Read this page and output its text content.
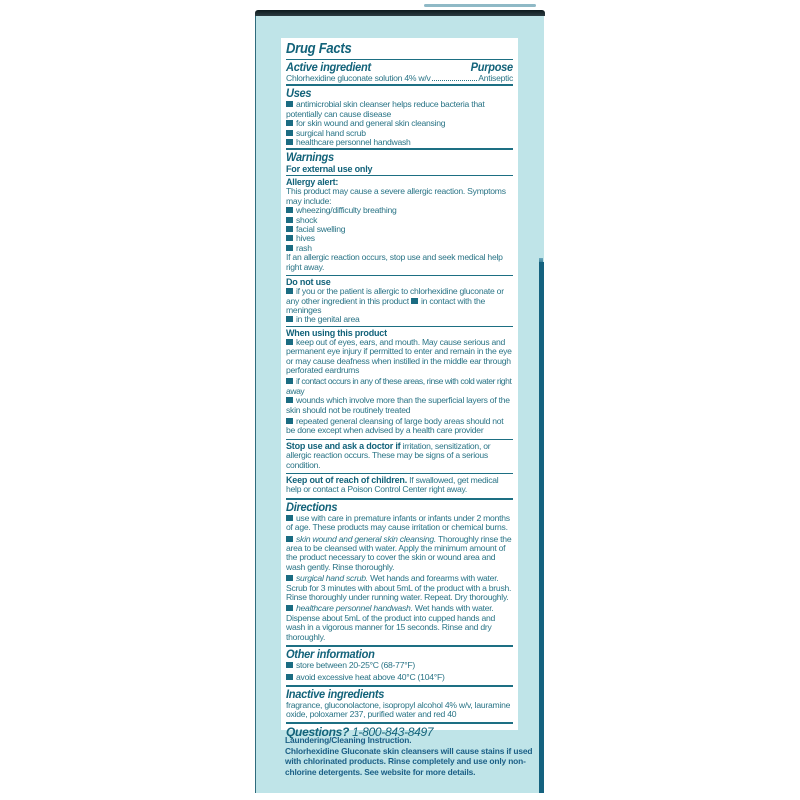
Drug Facts
Active ingredient	Purpose
Chlorhexidine gluconate solution 4% w/v	Antiseptic
Uses
antimicrobial skin cleanser helps reduce bacteria that potentially can cause disease
for skin wound and general skin cleansing
surgical hand scrub
healthcare personnel handwash
Warnings
For external use only
Allergy alert:
This product may cause a severe allergic reaction. Symptoms may include:
wheezing/difficulty breathing
shock
facial swelling
hives
rash
If an allergic reaction occurs, stop use and seek medical help right away.
Do not use
if you or the patient is allergic to chlorhexidine gluconate or any other ingredient in this product in contact with the meninges
in the genital area
When using this product
keep out of eyes, ears, and mouth. May cause serious and permanent eye injury if permitted to enter and remain in the eye or may cause deafness when instilled in the middle ear through perforated eardrums
if contact occurs in any of these areas, rinse with cold water right away
wounds which involve more than the superficial layers of the skin should not be routinely treated
repeated general cleansing of large body areas should not be done except when advised by a health care provider
Stop use and ask a doctor if irritation, sensitization, or allergic reaction occurs. These may be signs of a serious condition.
Keep out of reach of children. If swallowed, get medical help or contact a Poison Control Center right away.
Directions
use with care in premature infants or infants under 2 months of age. These products may cause irritation or chemical burns.
skin wound and general skin cleansing. Thoroughly rinse the area to be cleansed with water. Apply the minimum amount of the product necessary to cover the skin or wound area and wash gently. Rinse thoroughly.
surgical hand scrub. Wet hands and forearms with water. Scrub for 3 minutes with about 5mL of the product with a brush. Rinse thoroughly under running water. Repeat. Dry thoroughly.
healthcare personnel handwash. Wet hands with water. Dispense about 5mL of the product into cupped hands and wash in a vigorous manner for 15 seconds. Rinse and dry thoroughly.
Other information
store between 20-25°C (68-77°F)
avoid excessive heat above 40°C (104°F)
Inactive ingredients
fragrance, gluconolactone, isopropyl alcohol 4% w/v, lauramine oxide, poloxamer 237, purified water and red 40
Questions? 1-800-843-8497
Laundering/Cleaning Instruction.
Chlorhexidine Gluconate skin cleansers will cause stains if used with chlorinated products. Rinse completely and use only non-chlorine detergents. See website for more details.
